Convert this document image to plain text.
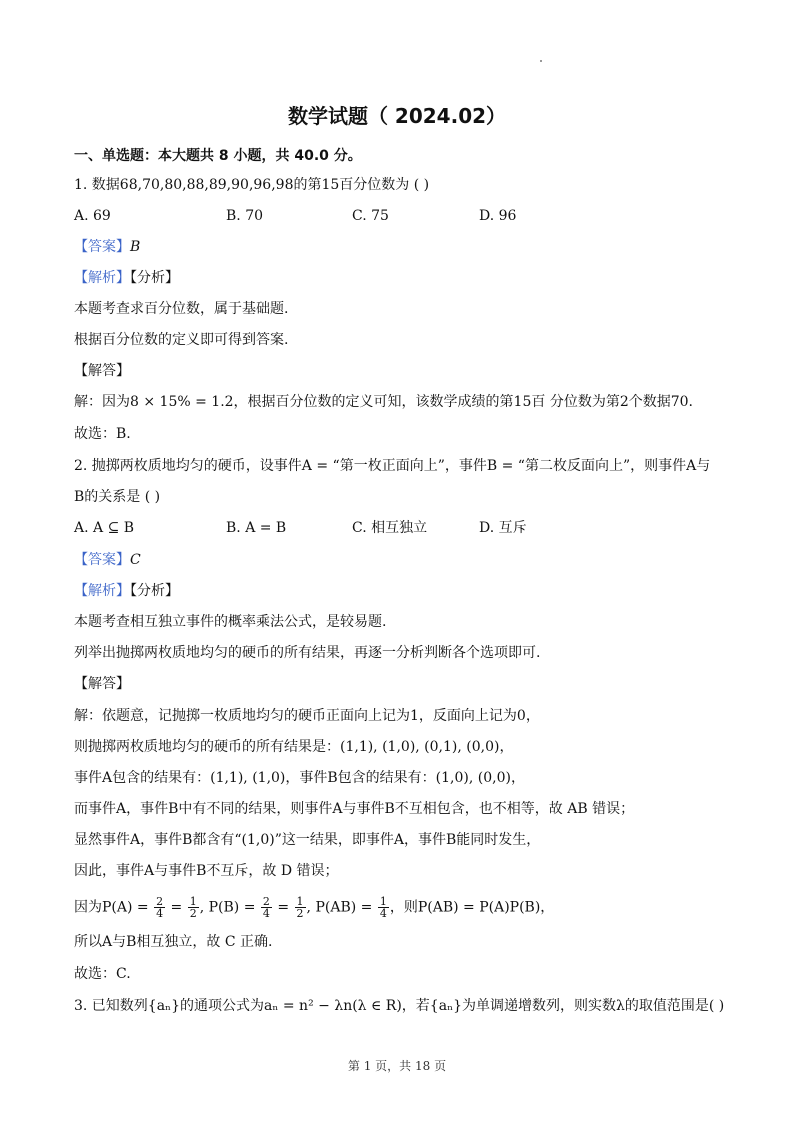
数学试题（ 2024.02）
一、单选题：本大题共 8 小题，共 40.0 分。
1. 数据68,70,80,88,89,90,96,98的第15百分位数为 ( )
A. 69	B. 70	C. 75	D. 96
【答案】B
【解析】【分析】
本题考查求百分位数，属于基础题.
根据百分位数的定义即可得到答案.
【解答】
解：因为8 × 15% = 1.2，根据百分位数的定义可知，该数学成绩的第15百 分位数为第2个数据70.
故选：B.
2. 抛掷两枚质地均匀的硬币，设事件A = “第一枚正面向上”，事件B = “第二枚反面向上”，则事件A与
B的关系是 ( )
A. A ⊆ B	B. A = B	C. 相互独立	D. 互斥
【答案】C
【解析】【分析】
本题考查相互独立事件的概率乘法公式，是较易题.
列举出抛掷两枚质地均匀的硬币的所有结果，再逐一分析判断各个选项即可.
【解答】
解：依题意，记抛掷一枚质地均匀的硬币正面向上记为1，反面向上记为0，
则抛掷两枚质地均匀的硬币的所有结果是：(1,1), (1,0), (0,1), (0,0)，
事件A包含的结果有：(1,1), (1,0)，事件B包含的结果有：(1,0), (0,0)，
而事件A，事件B中有不同的结果，则事件A与事件B不互相包含，也不相等，故 AB 错误；
显然事件A，事件B都含有“(1,0)”这一结果，即事件A，事件B能同时发生，
因此，事件A与事件B不互斥，故 D 错误；
因为$P(A) = \frac{2}{4} = \frac{1}{2}$ , $P(B) = \frac{2}{4} = \frac{1}{2}$ , $P(AB) = \frac{1}{4}$ ，则P(AB) = P(A)P(B)，
所以A与B相互独立，故 C 正确.
故选：C.
3. 已知数列{aₙ}的通项公式为aₙ = n² − λn(λ ∈ R)，若{aₙ}为单调递增数列，则实数λ的取值范围是( )
第 1 页，共 18 页
